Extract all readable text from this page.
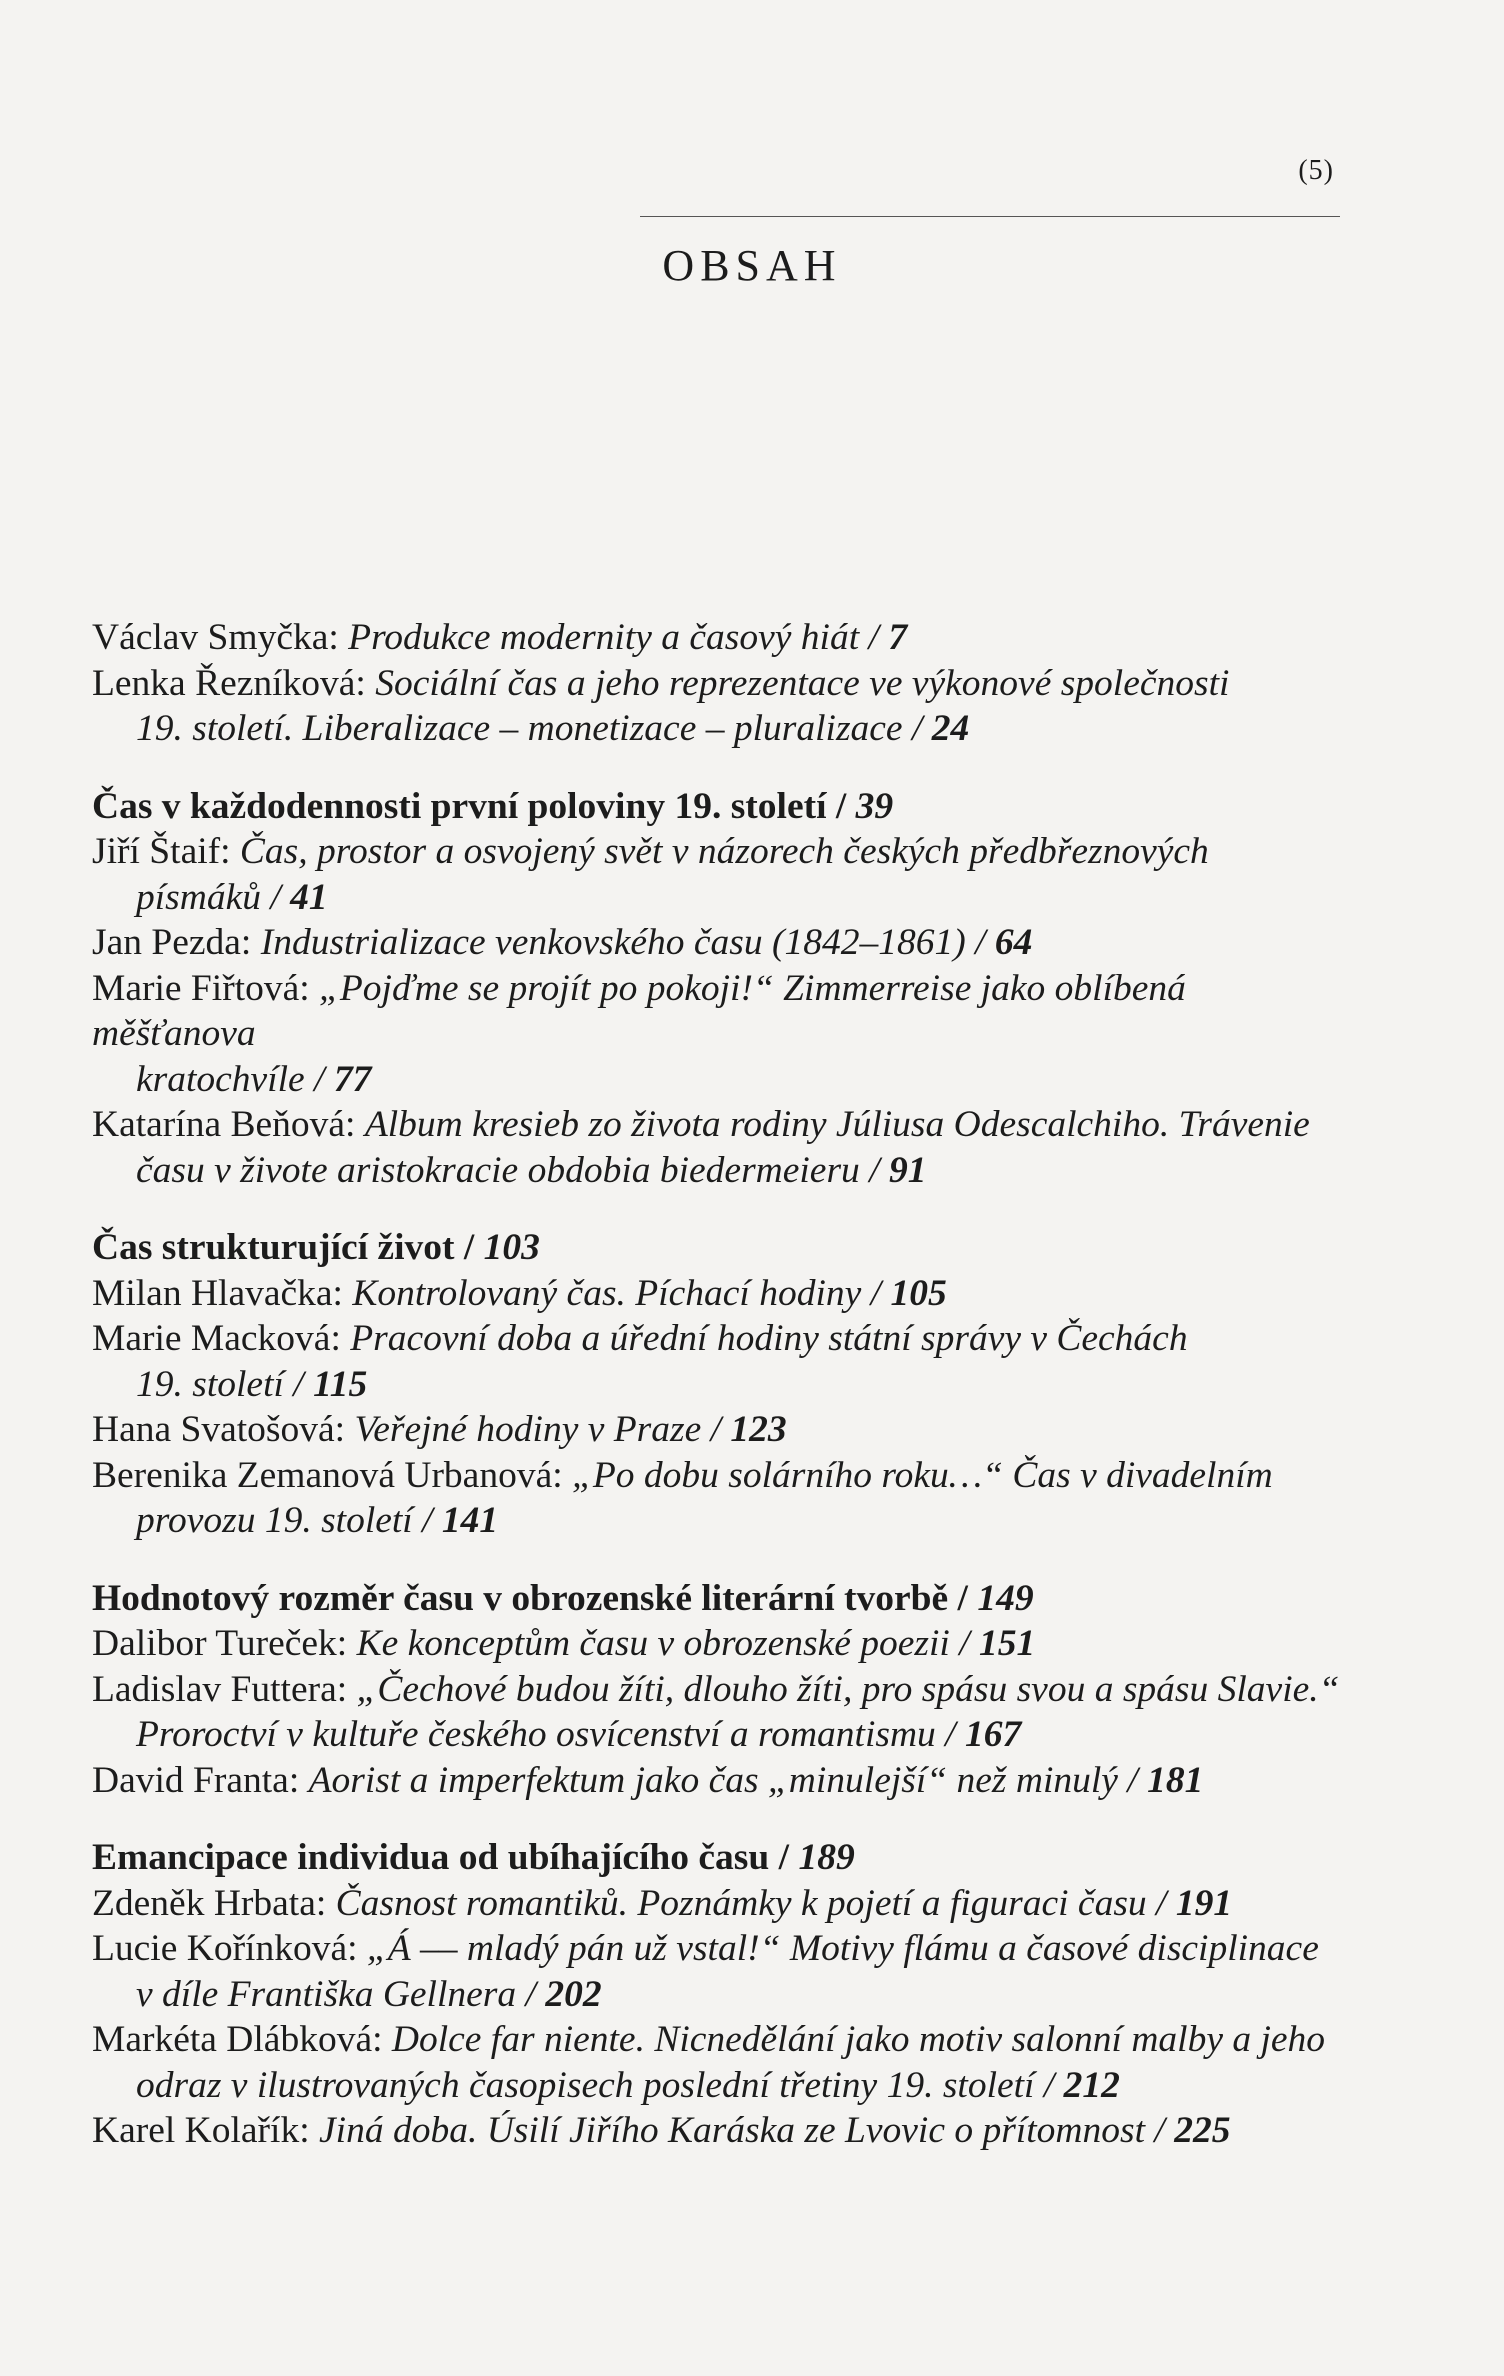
(5)
OBSAH
Václav Smyčka: Produkce modernity a časový hiát / 7
Lenka Řezníková: Sociální čas a jeho reprezentace ve výkonové společnosti
19. století. Liberalizace – monetizace – pluralizace / 24
Čas v každodennosti první poloviny 19. století / 39
Jiří Štaif: Čas, prostor a osvojený svět v názorech českých předbřeznových
písmáků / 41
Jan Pezda: Industrializace venkovského času (1842–1861) / 64
Marie Fiřtová: „Pojďme se projít po pokoji!“ Zimmerreise jako oblíbená měšťanova
kratochvíle / 77
Katarína Beňová: Album kresieb zo života rodiny Júliusa Odescalchiho. Trávenie
času v živote aristokracie obdobia biedermeieru / 91
Čas strukturující život / 103
Milan Hlavačka: Kontrolovaný čas. Píchací hodiny / 105
Marie Macková: Pracovní doba a úřední hodiny státní správy v Čechách
19. století / 115
Hana Svatošová: Veřejné hodiny v Praze / 123
Berenika Zemanová Urbanová: „Po dobu solárního roku…“ Čas v divadelním
provozu 19. století / 141
Hodnotový rozměr času v obrozenské literární tvorbě / 149
Dalibor Tureček: Ke konceptům času v obrozenské poezii / 151
Ladislav Futtera: „Čechové budou žíti, dlouho žíti, pro spásu svou a spásu Slavie.“
Proroctví v kultuře českého osvícenství a romantismu / 167
David Franta: Aorist a imperfektum jako čas „minulejší“ než minulý / 181
Emancipace individua od ubíhajícího času / 189
Zdeněk Hrbata: Časnost romantiků. Poznámky k pojetí a figuraci času / 191
Lucie Kořínková: „Á –– mladý pán už vstal!“ Motivy flámu a časové disciplinace
v díle Františka Gellnera / 202
Markéta Dlábková: Dolce far niente. Nicnedělání jako motiv salonní malby a jeho
odraz v ilustrovaných časopisech poslední třetiny 19. století / 212
Karel Kolařík: Jiná doba. Úsilí Jiřího Karáska ze Lvovic o přítomnost / 225
